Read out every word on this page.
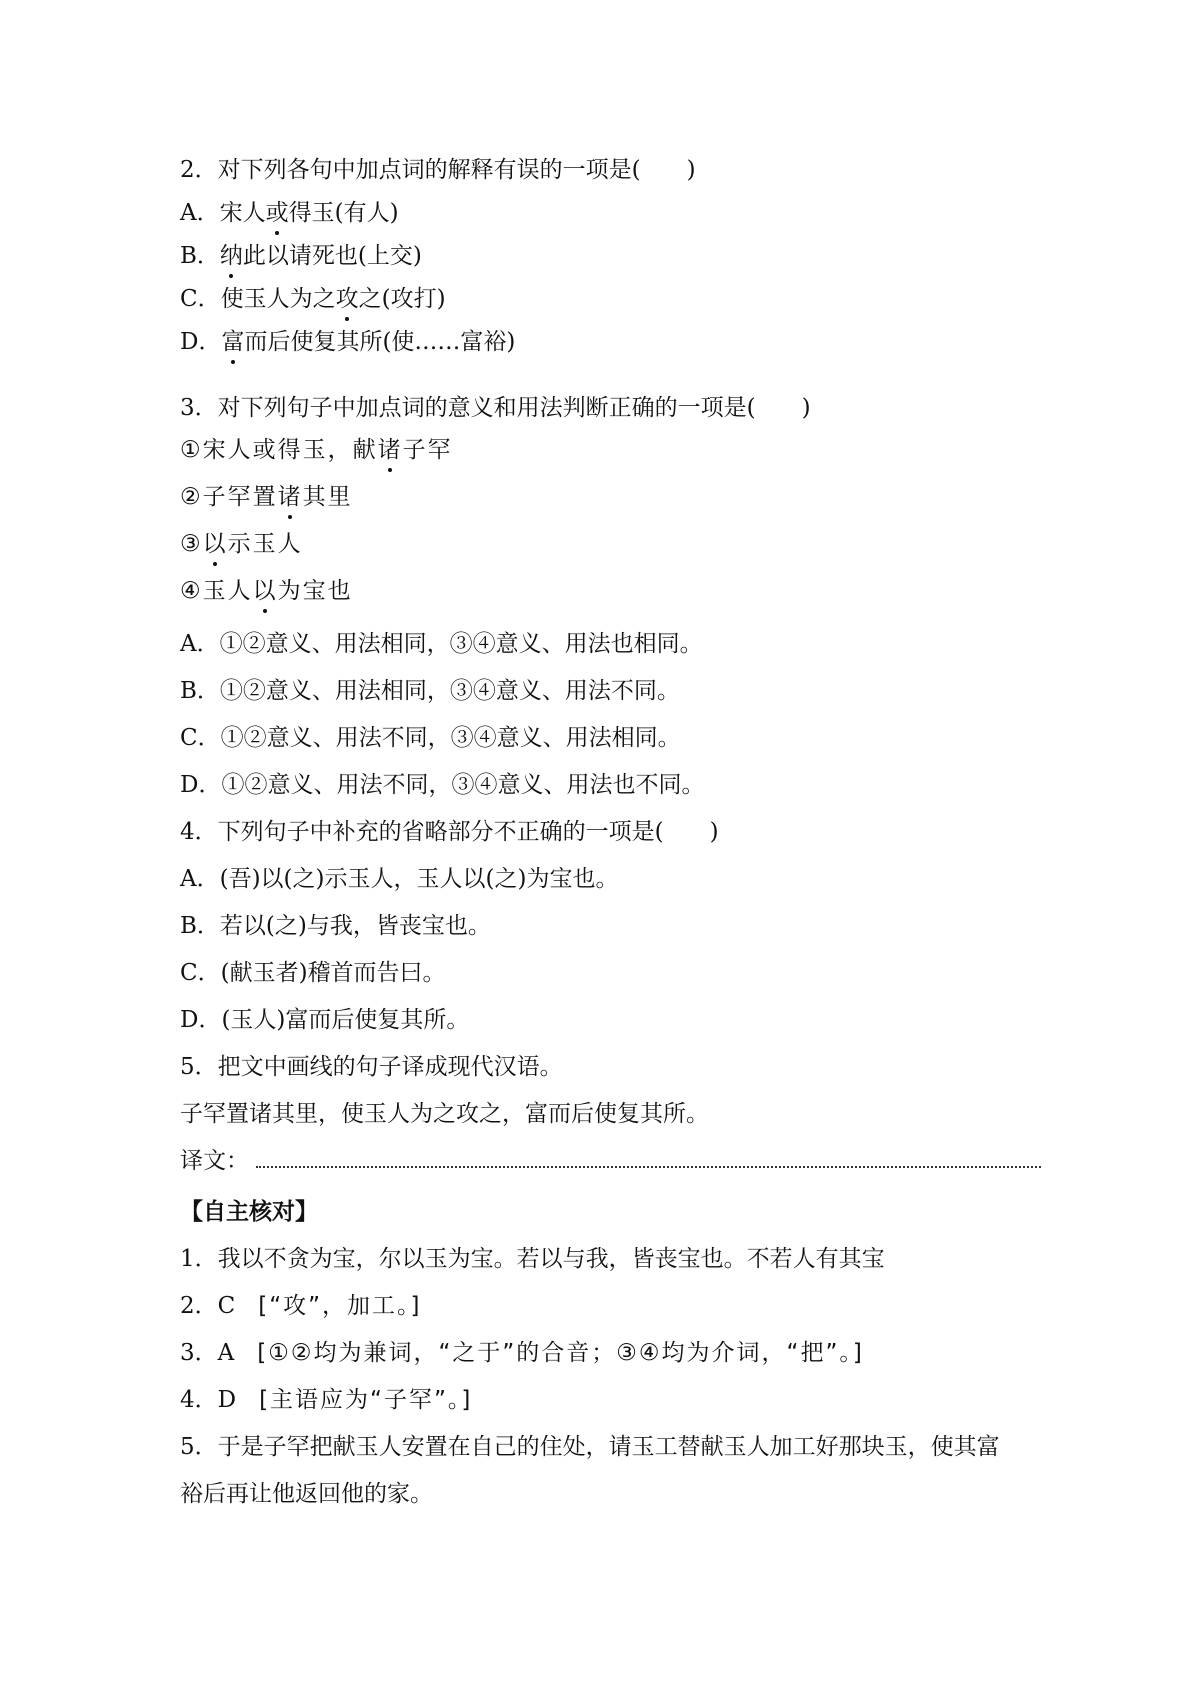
2．对下列各句中加点词的解释有误的一项是(　　)
A．宋人或得玉(有人)
B．纳此以请死也(上交)
C．使玉人为之攻之(攻打)
D．富而后使复其所(使……富裕)
3．对下列句子中加点词的意义和用法判断正确的一项是(　　)
①宋人或得玉，献诸子罕
②子罕置诸其里
③以示玉人
④玉人以为宝也
A．①②意义、用法相同，③④意义、用法也相同。
B．①②意义、用法相同，③④意义、用法不同。
C．①②意义、用法不同，③④意义、用法相同。
D．①②意义、用法不同，③④意义、用法也不同。
4．下列句子中补充的省略部分不正确的一项是(　　)
A．(吾)以(之)示玉人，玉人以(之)为宝也。
B．若以(之)与我，皆丧宝也。
C．(献玉者)稽首而告曰。
D．(玉人)富而后使复其所。
5．把文中画线的句子译成现代汉语。
子罕置诸其里，使玉人为之攻之，富而后使复其所。
译文：
【自主核对】
1．我以不贪为宝，尔以玉为宝。若以与我，皆丧宝也。不若人有其宝
2．C　[“攻”，加工。]
3．A　[①②均为兼词，“之于”的合音；③④均为介词，“把”。]
4．D　[主语应为“子罕”。]
5．于是子罕把献玉人安置在自己的住处，请玉工替献玉人加工好那块玉，使其富
裕后再让他返回他的家。
